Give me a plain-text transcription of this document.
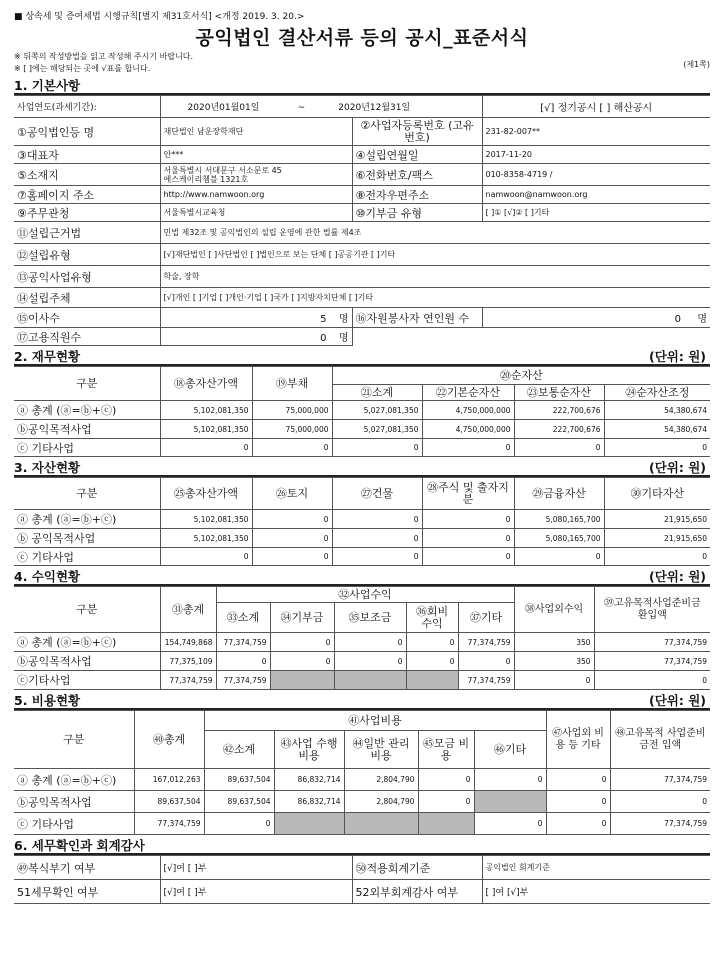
■ 상속세 및 증여세법 시행규칙[별지 제31호서식] <개정 2019. 3. 20.>
공익법인 결산서류 등의 공시_표준서식
※ 뒤쪽의 작성방법을 읽고 작성해 주시기 바랍니다.
※ [ ]에는 해당되는 곳에 √표를 합니다.	(제1쪽)
1. 기본사항
사업연도(과세기간):	2020년01월01일 ~ 2020년12월31일		[√] 정기공시 [ ] 해산공시
①공익법인등 명	재단법인 남운장학재단	②사업자등록번호 (고유번호)	231-82-007**
③대표자	안***	④설립연월일	2017-11-20
⑤소재지	서울특별시 서대문구 서소문로 45
에스케이리쳄블 1321호	⑥전화번호/팩스	010-8358-4719 /
⑦홈페이지 주소	http://www.namwoon.org	⑧전자우편주소	namwoon@namwoon.org
⑨주무관청	서울특별시교육청	⑩기부금 유형	[ ]① [√]② [ ]기타
⑪설립근거법	민법 제32조 및 공익법인의 설립 운영에 관한 법률 제4조		
⑫설립유형	[√]재단법인 [ ]사단법인 [ ]법인으로 보는 단체 [ ]공공기관 [ ]기타		
⑬공익사업유형	학술, 장학		
⑭설립주체	[√]개인 [ ]기업 [ ]개인·기업 [ ]국가 [ ]지방자치단체 [ ]기타		
⑮이사수	5 명	⑯자원봉사자 연인원 수	0 명
⑰고용직원수	0 명		
2. 재무현황	(단위: 원)
구분	⑱총자산가액	⑲부채	⑳순자산			
			㉑소계	㉒기본순자산	㉓보통순자산	㉔순자산조정
ⓐ 총계 (ⓐ=ⓑ+ⓒ)	5,102,081,350	75,000,000	5,027,081,350	4,750,000,000	222,700,676	54,380,674
ⓑ공익목적사업	5,102,081,350	75,000,000	5,027,081,350	4,750,000,000	222,700,676	54,380,674
ⓒ 기타사업	0	0	0	0	0	0
3. 자산현황	(단위: 원)
구분	㉕총자산가액	㉖토지	㉗건물	㉘주식 및 출자지분	㉙금융자산	㉚기타자산
ⓐ 총계 (ⓐ=ⓑ+ⓒ)	5,102,081,350	0	0	0	5,080,165,700	21,915,650
ⓑ 공익목적사업	5,102,081,350	0	0	0	5,080,165,700	21,915,650
ⓒ 기타사업	0	0	0	0	0	0
4. 수익현황	(단위: 원)
구분	㉛총계	㉜사업수익					㊳사업외수익	㊴고유목적사업준비금 환입액
		㉝소계	㉞기부금	㉟보조금	㊱회비 수익	㊲기타		
ⓐ 총계 (ⓐ=ⓑ+ⓒ)	154,749,868	77,374,759	0	0	0	77,374,759	350	77,374,759
ⓑ공익목적사업	77,375,109	0	0	0	0	0	350	77,374,759
ⓒ기타사업	77,374,759	77,374,759				77,374,759	0	0
5. 비용현황	(단위: 원)
구분	㊵총계	㊶사업비용					㊼사업외 비용 등 기타	㊽고유목적 사업준비금전 입액
		㊷소계	㊸사업 수행비용	㊹일반 관리비용	㊺모금 비용	㊻기타		
ⓐ 총계 (ⓐ=ⓑ+ⓒ)	167,012,263	89,637,504	86,832,714	2,804,790	0	0	0	77,374,759
ⓑ공익목적사업	89,637,504	89,637,504	86,832,714	2,804,790	0		0	0
ⓒ 기타사업	77,374,759	0				0	0	77,374,759
6. 세무확인과 회계감사
㊾복식부기 여부	[√]여 [ ]부	㊿적용회계기준	공익법인 회계기준
51세무확인 여부	[√]여 [ ]부	52외부회계감사 여부	[ ]여 [√]부
